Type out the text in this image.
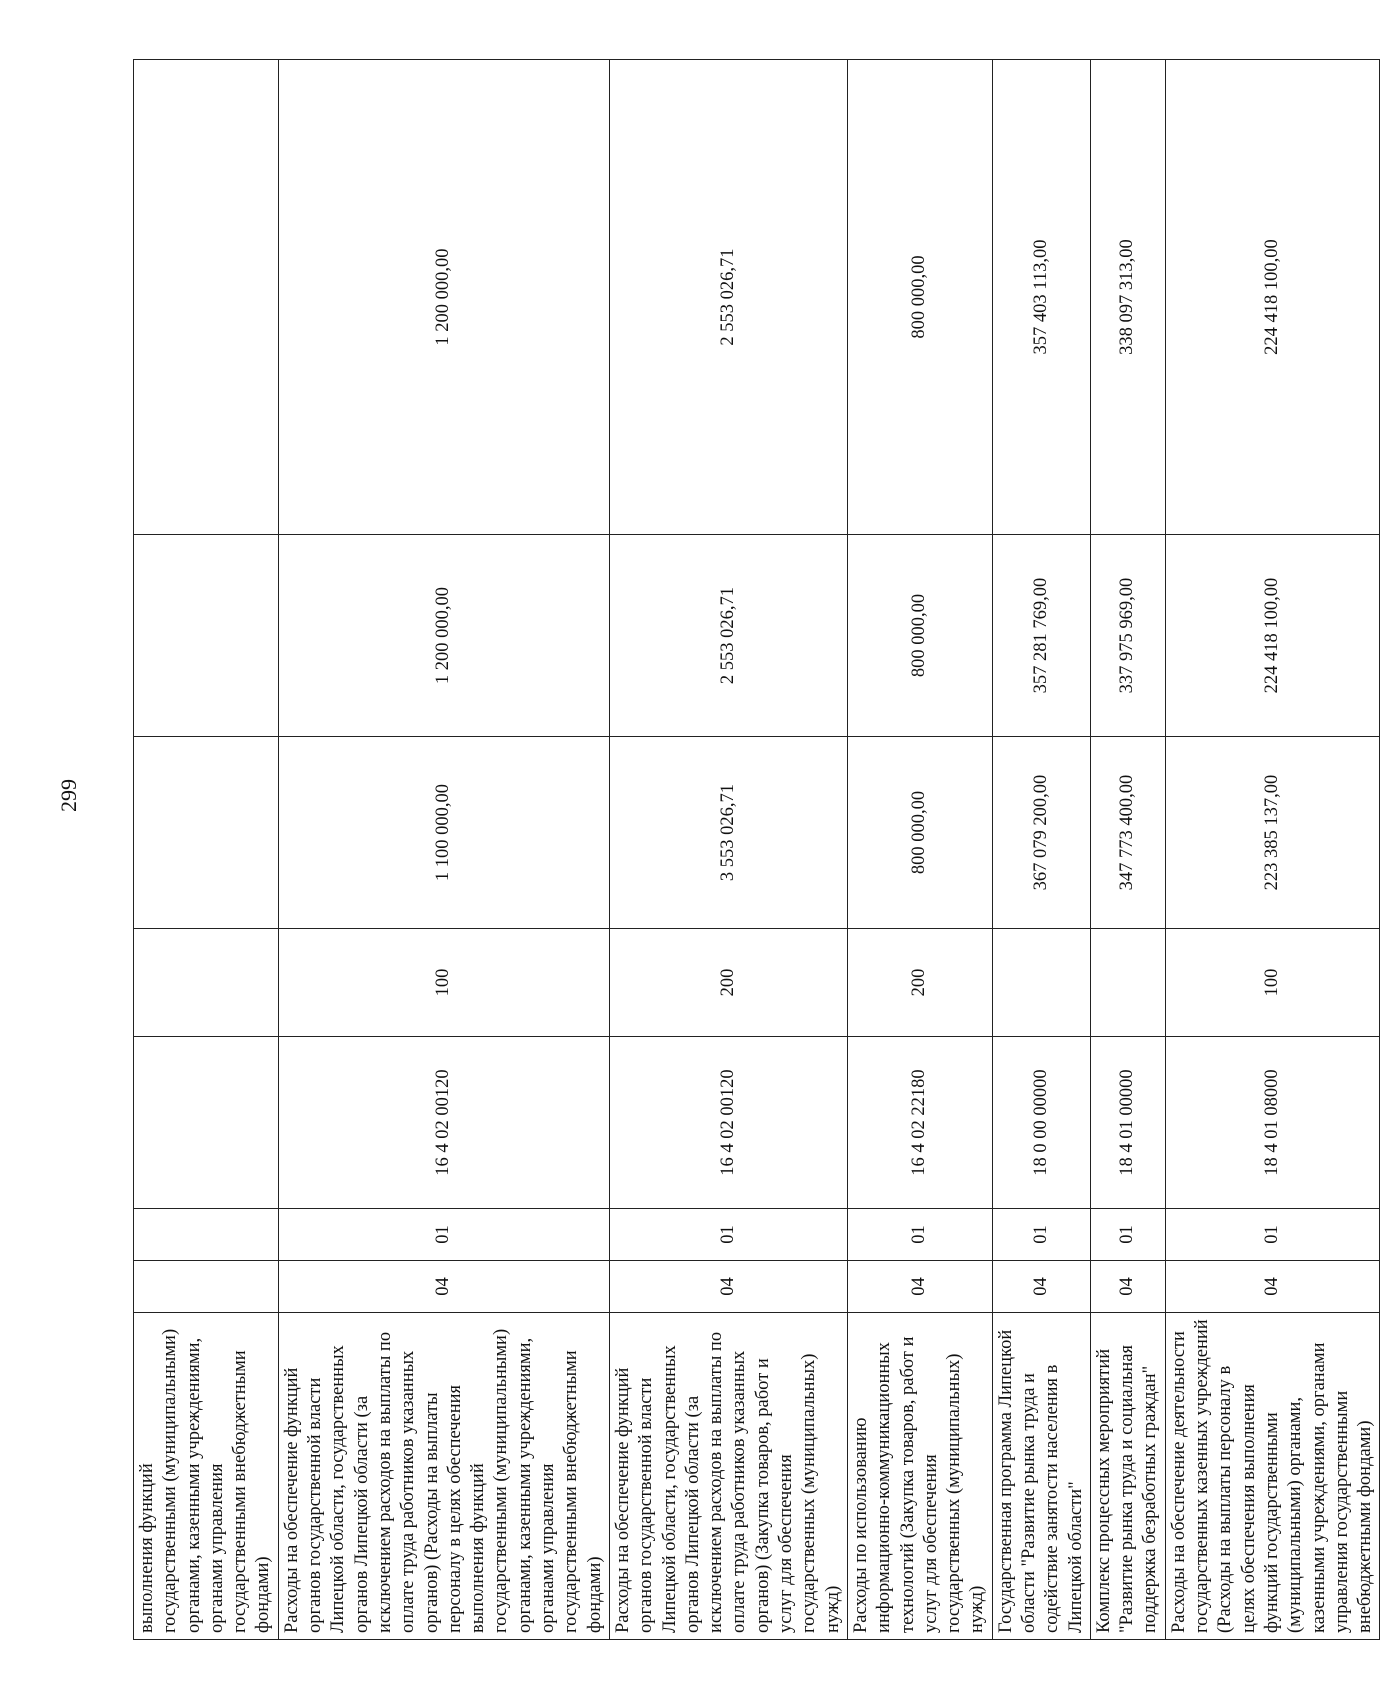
299
выполнения функций государственными (муниципальными) органами, казенными учреждениями, органами управления государственными внебюджетными фондами)							
Расходы на обеспечение функций органов государственной власти Липецкой области, государственных органов Липецкой области (за исключением расходов на выплаты по оплате труда работников указанных органов) (Расходы на выплаты персоналу в целях обеспечения выполнения функций государственными (муниципальными) органами, казенными учреждениями, органами управления государственными внебюджетными фондами)	04	01	16 4 02 00120	100	1 100 000,00	1 200 000,00	1 200 000,00
Расходы на обеспечение функций органов государственной власти Липецкой области, государственных органов Липецкой области (за исключением расходов на выплаты по оплате труда работников указанных органов) (Закупка товаров, работ и услуг для обеспечения государственных (муниципальных) нужд)	04	01	16 4 02 00120	200	3 553 026,71	2 553 026,71	2 553 026,71
Расходы по использованию информационно-коммуникационных технологий (Закупка товаров, работ и услуг для обеспечения государственных (муниципальных) нужд)	04	01	16 4 02 22180	200	800 000,00	800 000,00	800 000,00
Государственная программа Липецкой области "Развитие рынка труда и содействие занятости населения в Липецкой области"	04	01	18 0 00 00000		367 079 200,00	357 281 769,00	357 403 113,00
Комплекс процессных мероприятий "Развитие рынка труда и социальная поддержка безработных граждан"	04	01	18 4 01 00000		347 773 400,00	337 975 969,00	338 097 313,00
Расходы на обеспечение деятельности государственных казенных учреждений (Расходы на выплаты персоналу в целях обеспечения выполнения функций государственными (муниципальными) органами, казенными учреждениями, органами управления государственными внебюджетными фондами)	04	01	18 4 01 08000	100	223 385 137,00	224 418 100,00	224 418 100,00
